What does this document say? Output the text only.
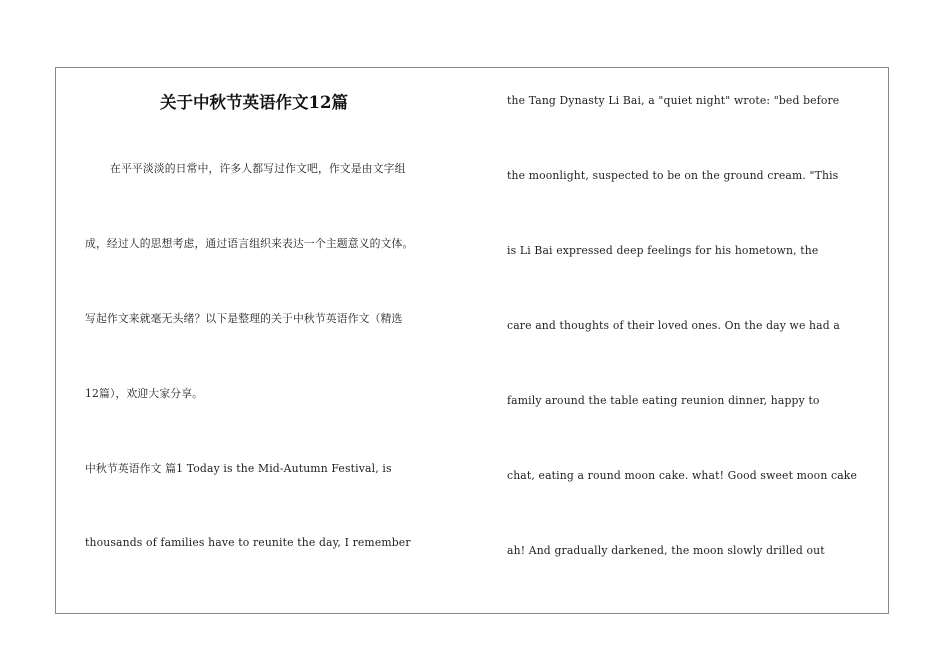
关于中秋节英语作文12篇
在平平淡淡的日常中，许多人都写过作文吧，作文是由文字组
成，经过人的思想考虑，通过语言组织来表达一个主题意义的文体。
写起作文来就毫无头绪？以下是整理的关于中秋节英语作文（精选
12篇），欢迎大家分享。
中秋节英语作文 篇1 Today is the Mid-Autumn Festival, is
thousands of families have to reunite the day, I remember
the Tang Dynasty Li Bai, a "quiet night" wrote: "bed before
the moonlight, suspected to be on the ground cream. "This
is Li Bai expressed deep feelings for his hometown, the
care and thoughts of their loved ones. On the day we had a
family around the table eating reunion dinner, happy to
chat, eating a round moon cake. what! Good sweet moon cake
ah! And gradually darkened, the moon slowly drilled out
